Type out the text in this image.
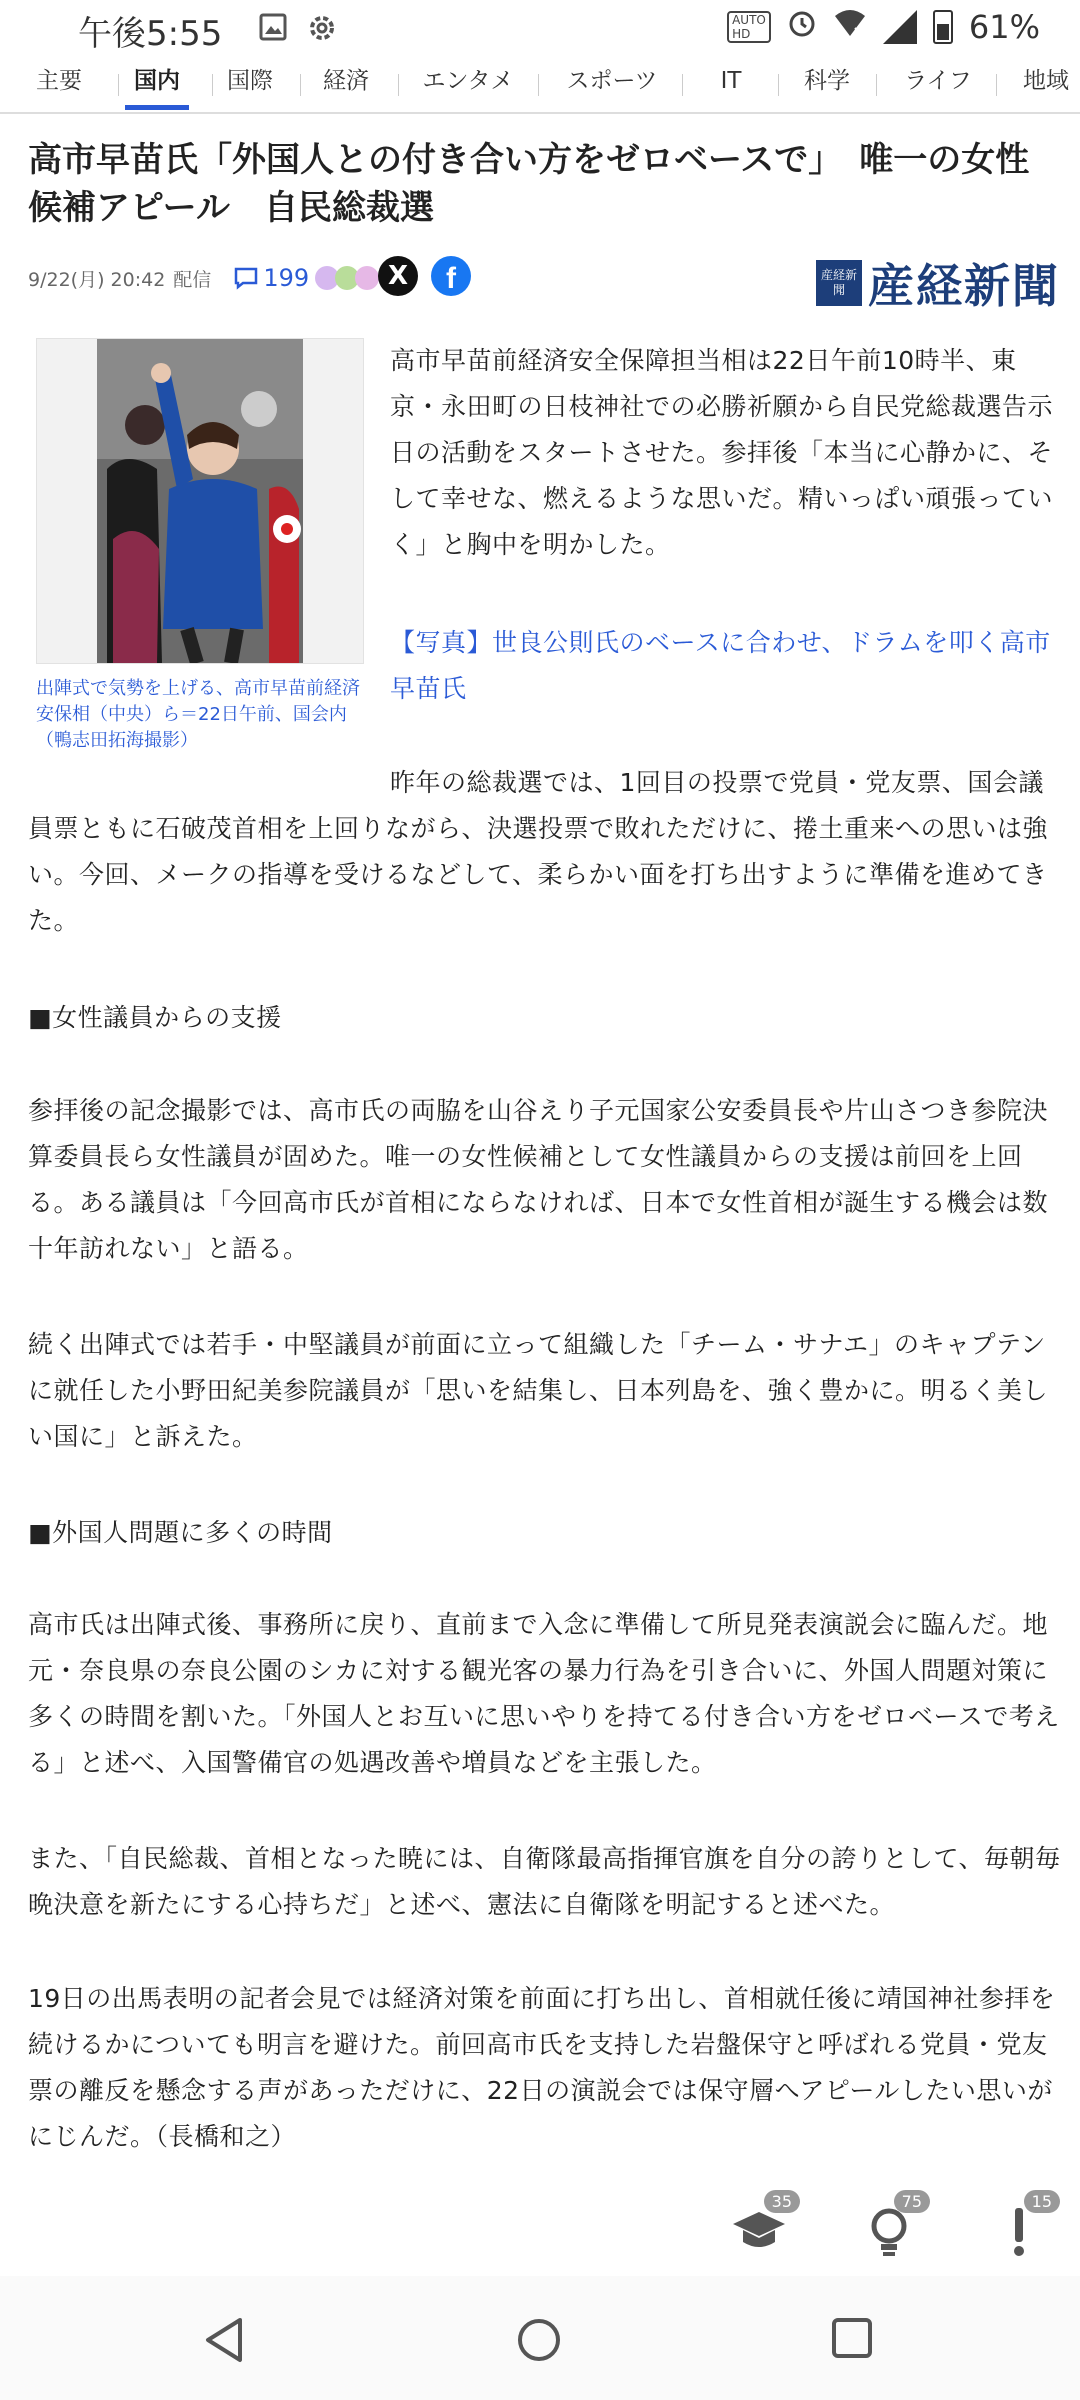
午後5:55	AUTO
HD	61%
主要	国内	国際 経済 エンタメ スポーツ	IT	科学 ライフ 地域
高市早苗氏「外国人との付き合い方をゼロベースで」　唯一の女性候補アピール　自民総裁選
9/22(月) 20:42 配信 199	X	f	産経新聞 産経新聞
出陣式で気勢を上げる、高市早苗前経済安保相（中央）ら＝22日午前、国会内（鴨志田拓海撮影）
高市早苗前経済安全保障担当相は22日午前10時半、東京・永田町の日枝神社での必勝祈願から自民党総裁選告示日の活動をスタートさせた。参拝後「本当に心静かに、そして幸せな、燃えるような思いだ。精いっぱい頑張っていく」と胸中を明かした。
【写真】世良公則氏のベースに合わせ、ドラムを叩く高市早苗氏
昨年の総裁選では、1回目の投票で党員・党友票、国会議員票ともに石破茂首相を上回りながら、決選投票で敗れただけに、捲土重来への思いは強い。今回、メークの指導を受けるなどして、柔らかい面を打ち出すように準備を進めてきた。
■女性議員からの支援
参拝後の記念撮影では、高市氏の両脇を山谷えり子元国家公安委員長や片山さつき参院決算委員長ら女性議員が固めた。唯一の女性候補として女性議員からの支援は前回を上回る。ある議員は「今回高市氏が首相にならなければ、日本で女性首相が誕生する機会は数十年訪れない」と語る。
続く出陣式では若手・中堅議員が前面に立って組織した「チーム・サナエ」のキャプテンに就任した小野田紀美参院議員が「思いを結集し、日本列島を、強く豊かに。明るく美しい国に」と訴えた。
■外国人問題に多くの時間
高市氏は出陣式後、事務所に戻り、直前まで入念に準備して所見発表演説会に臨んだ。地元・奈良県の奈良公園のシカに対する観光客の暴力行為を引き合いに、外国人問題対策に多くの時間を割いた。「外国人とお互いに思いやりを持てる付き合い方をゼロベースで考える」と述べ、入国警備官の処遇改善や増員などを主張した。
また、「自民総裁、首相となった暁には、自衛隊最高指揮官旗を自分の誇りとして、毎朝毎晩決意を新たにする心持ちだ」と述べ、憲法に自衛隊を明記すると述べた。
19日の出馬表明の記者会見では経済対策を前面に打ち出し、首相就任後に靖国神社参拝を続けるかについても明言を避けた。前回高市氏を支持した岩盤保守と呼ばれる党員・党友票の離反を懸念する声があっただけに、22日の演説会では保守層へアピールしたい思いがにじんだ。（長橋和之）
35	75	15
